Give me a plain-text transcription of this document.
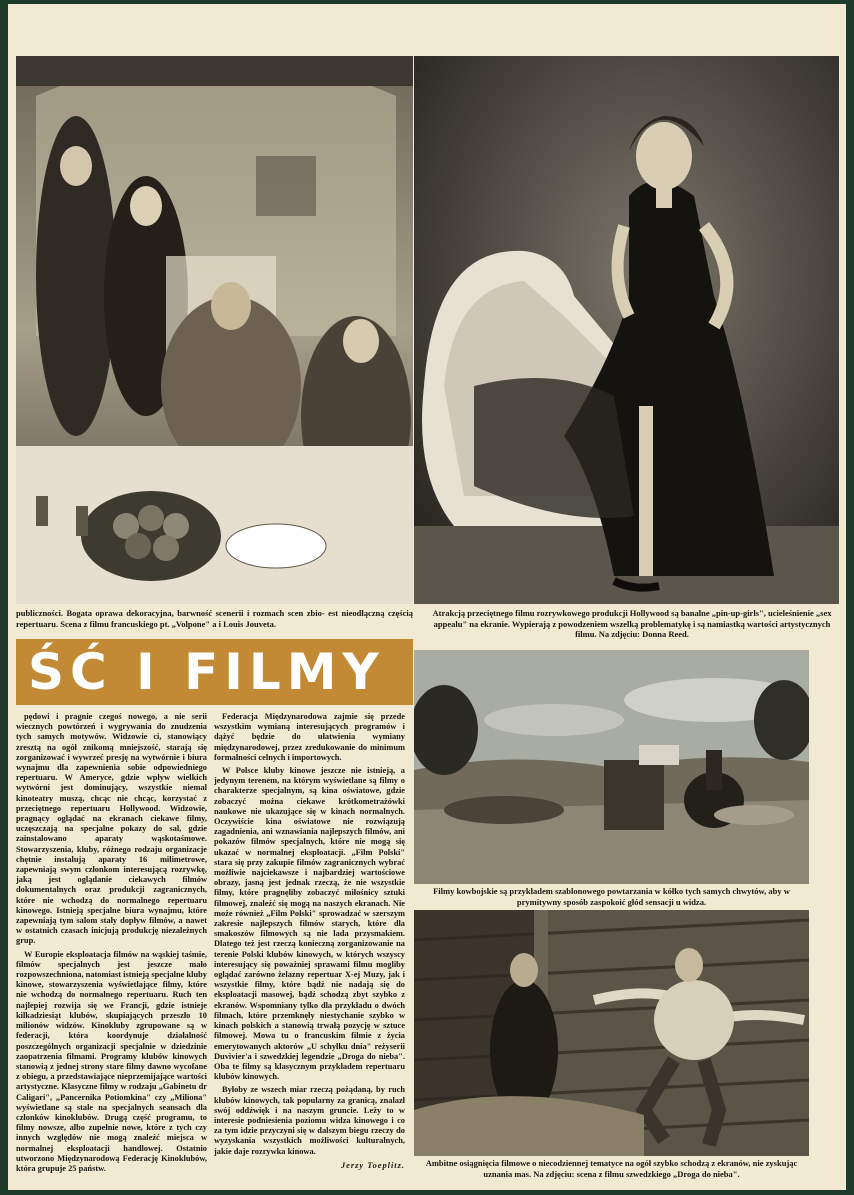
publiczności. Bogata oprawa dekoracyjna, barwność scenerii i rozmach scen zbio- est nieodłączną częścią repertuaru. Scena z filmu francuskiego pt. „Volpone" a i Louis Jouveta.

Atrakcją przeciętnego filmu rozrywkowego produkcji Hollywood są banalne „pin-up-girls", ucieleśnienie „sex appealu" na ekranie. Wypierają z powodzeniem wszelką problematykę i są namiastką wartości artystycznych filmu. Na zdjęciu: Donna Reed.

ŚĆ I FILMY

Filmy kowbojskie są przykładem szablonowego powtarzania w kółko tych samych chwytów, aby w prymitywny sposób zaspokoić głód sensacji u widza.

Ambitne osiągnięcia filmowe o niecodziennej tematyce na ogół szybko schodzą z ekranów, nie zyskując uznania mas. Na zdjęciu: scena z filmu szwedzkiego „Droga do nieba".

pędowi i pragnie czegoś nowego, a nie serii wiecznych powtórzeń i wygrywania do znudzenia tych samych motywów. Widzowie ci, stanowiący zresztą na ogół znikomą mniejszość, starają się zorganizować i wywrzeć presję na wytwórnie i biura wynajmu dla zapewnienia sobie odpowiedniego repertuaru. W Ameryce, gdzie wpływ wielkich wytwórni jest dominujący, wszystkie niemal kinoteatry muszą, chcąc nie chcąc, korzystać z przeciętnego repertuaru Hollywood. Widzowie, pragnący oglądać na ekranach ciekawe filmy, uczęszczają na specjalne pokazy do sal, gdzie zainstalowano aparaty wąskotaśmowe. Stowarzyszenia, kluby, różnego rodzaju organizacje chętnie instalują aparaty 16 milimetrowe, zapewniają swym członkom interesującą rozrywkę, jaką jest oglądanie ciekawych filmów dokumentalnych oraz produkcji zagranicznych, które nie wchodzą do normalnego repertuaru kinowego. Istnieją specjalne biura wynajmu, które zapewniają tym salom stały dopływ filmów, a nawet w ostatnich czasach inicjują produkcję niezależnych grup.

W Europie eksploatacja filmów na wąskiej taśmie, filmów specjalnych jest jeszcze mało rozpowszechniona, natomiast istnieją specjalne kluby kinowe, stowarzyszenia wyświetlające filmy, które nie wchodzą do normalnego repertuaru. Ruch ten najlepiej rozwija się we Francji, gdzie istnieje kilkadziesiąt klubów, skupiających przeszło 10 milionów widzów. Kinokluby zgrupowane są w federacji, która koordynuje działalność poszczególnych organizacji specjalnie w dziedzinie zaopatrzenia filmami. Programy klubów kinowych stanowią z jednej strony stare filmy dawno wycofane z obiegu, a przedstawiające nieprzemijające wartości artystyczne. Klasyczne filmy w rodzaju „Gabinetu dr Caligari", „Pancernika Potiomkina" czy „Miliona" wyświetlane są stale na specjalnych seansach dla członków kinoklubów. Drugą część programu, to filmy nowsze, albo zupełnie nowe, które z tych czy innych względów nie mogą znaleźć miejsca w normalnej eksploatacji handlowej. Ostatnio utworzono Międzynarodową Federację Kinoklubów, która grupuje 25 państw.

Federacja Międzynarodowa zajmie się przede wszystkim wymianą interesujących programów i dążyć będzie do ułatwienia wymiany międzynarodowej, przez zredukowanie do minimum formalności celnych i importowych.

W Polsce kluby kinowe jeszcze nie istnieją, a jedynym terenem, na którym wyświetlane są filmy o charakterze specjalnym, są kina oświatowe, gdzie zobaczyć można ciekawe krótkometrażówki naukowe nie ukazujące się w kinach normalnych. Oczywiście kina oświatowe nie rozwiązują zagadnienia, ani wznawiania najlepszych filmów, ani pokazów filmów specjalnych, które nie mogą się ukazać w normalnej eksploatacji. „Film Polski" stara się przy zakupie filmów zagranicznych wybrać możliwie najciekawsze i najbardziej wartościowe obrazy, jasną jest jednak rzeczą, że nie wszystkie filmy, które pragnęliby zobaczyć miłośnicy sztuki filmowej, znaleźć się mogą na naszych ekranach. Nie może również „Film Polski" sprowadzać w szerszym zakresie najlepszych filmów starych, które dla smakoszów filmowych są nie lada przysmakiem. Dlatego też jest rzeczą konieczną zorganizowanie na terenie Polski klubów kinowych, w których wszyscy interesujący się poważniej sprawami filmu mogliby oglądać zarówno żelazny repertuar X-ej Muzy, jak i wszystkie filmy, które bądź nie nadają się do eksploatacji masowej, bądź schodzą zbyt szybko z ekranów. Wspomniany tylko dla przykładu o dwóch filmach, które przemknęły niestychanie szybko w kinach polskich a stanowią trwałą pozycję w sztuce filmowej. Mowa tu o francuskim filmie z życia emerytowanych aktorów „U schyłku dnia" reżyserii Duvivier'a i szwedzkiej legendzie „Droga do nieba". Oba te filmy są klasycznym przykładem repertuaru klubów kinowych.

Byłoby ze wszech miar rzeczą pożądaną, by ruch klubów kinowych, tak popularny za granicą, znalazł swój oddźwięk i na naszym gruncie. Leży to w interesie podniesienia poziomu widza kinowego i co za tym idzie przyczyni się w dalszym biegu rzeczy do wyzyskania wszystkich możliwości kulturalnych, jakie daje rozrywka kinowa.

Jerzy Toeplitz.
